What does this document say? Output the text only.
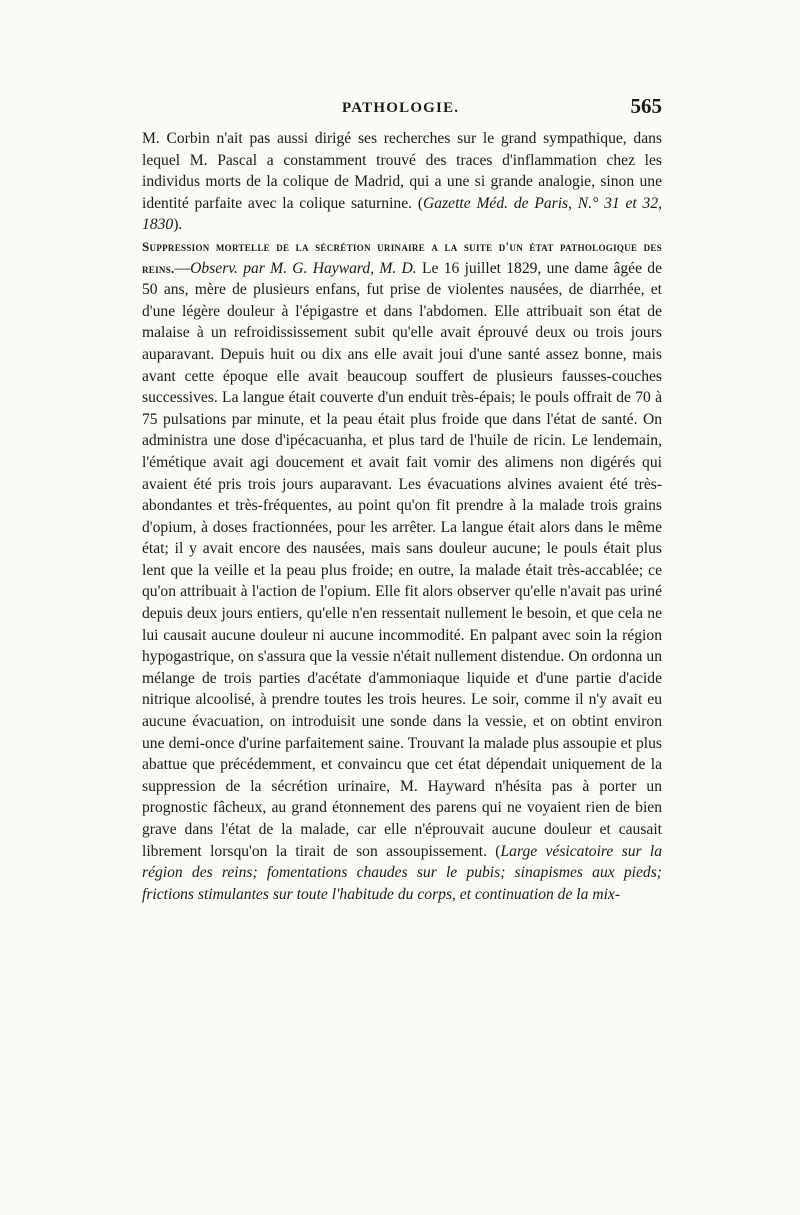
PATHOLOGIE.	565

M. Corbin n'ait pas aussi dirigé ses recherches sur le grand sympathique, dans lequel M. Pascal a constamment trouvé des traces d'inflammation chez les individus morts de la colique de Madrid, qui a une si grande analogie, sinon une identité parfaite avec la colique saturnine. (Gazette Méd. de Paris, N.° 31 et 32, 1830).

Suppression mortelle de la sécrétion urinaire a la suite d'un état pathologique des reins.—Observ. par M. G. Hayward, M. D. Le 16 juillet 1829, une dame âgée de 50 ans, mère de plusieurs enfans, fut prise de violentes nausées, de diarrhée, et d'une légère douleur à l'épigastre et dans l'abdomen. Elle attribuait son état de malaise à un refroidississement subit qu'elle avait éprouvé deux ou trois jours auparavant. Depuis huit ou dix ans elle avait joui d'une santé assez bonne, mais avant cette époque elle avait beaucoup souffert de plusieurs fausses-couches successives. La langue était couverte d'un enduit très-épais; le pouls offrait de 70 à 75 pulsations par minute, et la peau était plus froide que dans l'état de santé. On administra une dose d'ipécacuanha, et plus tard de l'huile de ricin. Le lendemain, l'émétique avait agi doucement et avait fait vomir des alimens non digérés qui avaient été pris trois jours auparavant. Les évacuations alvines avaient été très-abondantes et très-fréquentes, au point qu'on fit prendre à la malade trois grains d'opium, à doses fractionnées, pour les arrêter. La langue était alors dans le même état; il y avait encore des nausées, mais sans douleur aucune; le pouls était plus lent que la veille et la peau plus froide; en outre, la malade était très-accablée; ce qu'on attribuait à l'action de l'opium. Elle fit alors observer qu'elle n'avait pas uriné depuis deux jours entiers, qu'elle n'en ressentait nullement le besoin, et que cela ne lui causait aucune douleur ni aucune incommodité. En palpant avec soin la région hypogastrique, on s'assura que la vessie n'était nullement distendue. On ordonna un mélange de trois parties d'acétate d'ammoniaque liquide et d'une partie d'acide nitrique alcoolisé, à prendre toutes les trois heures. Le soir, comme il n'y avait eu aucune évacuation, on introduisit une sonde dans la vessie, et on obtint environ une demi-once d'urine parfaitement saine. Trouvant la malade plus assoupie et plus abattue que précédemment, et convaincu que cet état dépendait uniquement de la suppression de la sécrétion urinaire, M. Hayward n'hésita pas à porter un prognostic fâcheux, au grand étonnement des parens qui ne voyaient rien de bien grave dans l'état de la malade, car elle n'éprouvait aucune douleur et causait librement lorsqu'on la tirait de son assoupissement. (Large vésicatoire sur la région des reins; fomentations chaudes sur le pubis; sinapismes aux pieds; frictions stimulantes sur toute l'habitude du corps, et continuation de la mix-
